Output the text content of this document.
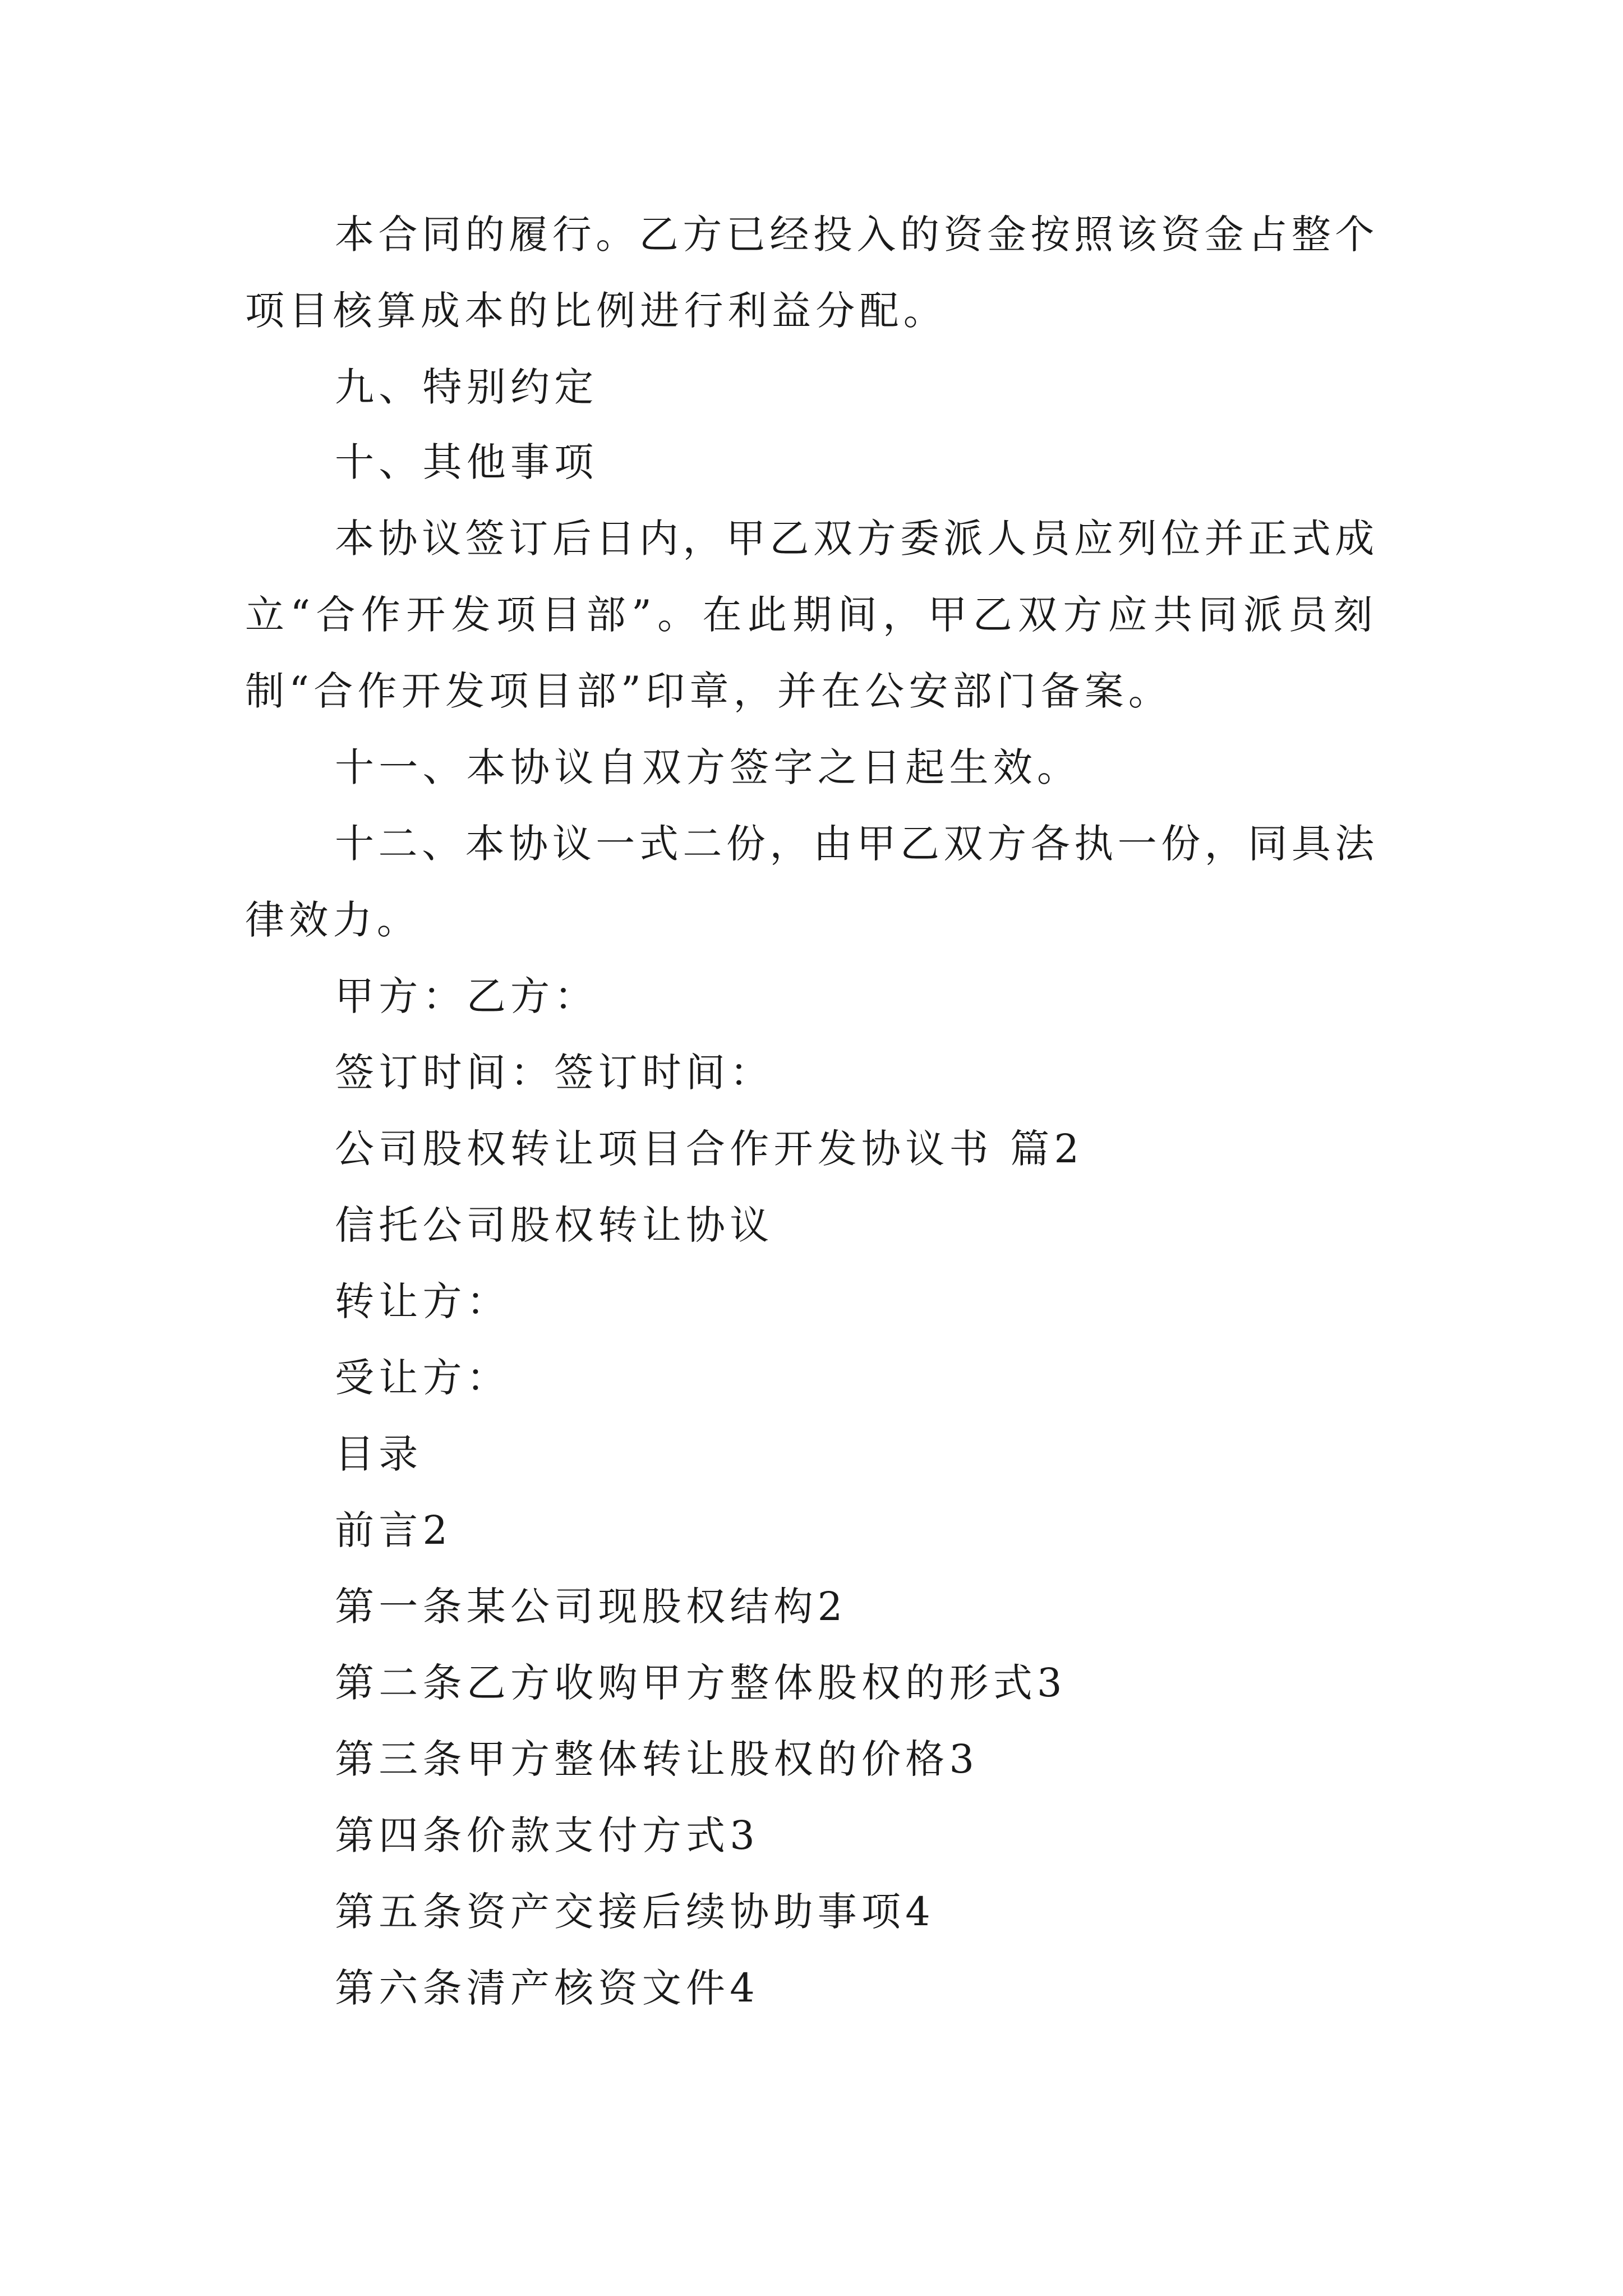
本合同的履行。乙方已经投入的资金按照该资金占整个

项目核算成本的比例进行利益分配。

九、特别约定

十、其他事项

本协议签订后日内，甲乙双方委派人员应列位并正式成

立“合作开发项目部”。在此期间，甲乙双方应共同派员刻

制“合作开发项目部”印章，并在公安部门备案。

十一、本协议自双方签字之日起生效。

十二、本协议一式二份，由甲乙双方各执一份，同具法

律效力。

甲方：乙方：

签订时间：签订时间：

公司股权转让项目合作开发协议书 篇2

信托公司股权转让协议

转让方：

受让方：

目录

前言2

第一条某公司现股权结构2

第二条乙方收购甲方整体股权的形式3

第三条甲方整体转让股权的价格3

第四条价款支付方式3

第五条资产交接后续协助事项4

第六条清产核资文件4
